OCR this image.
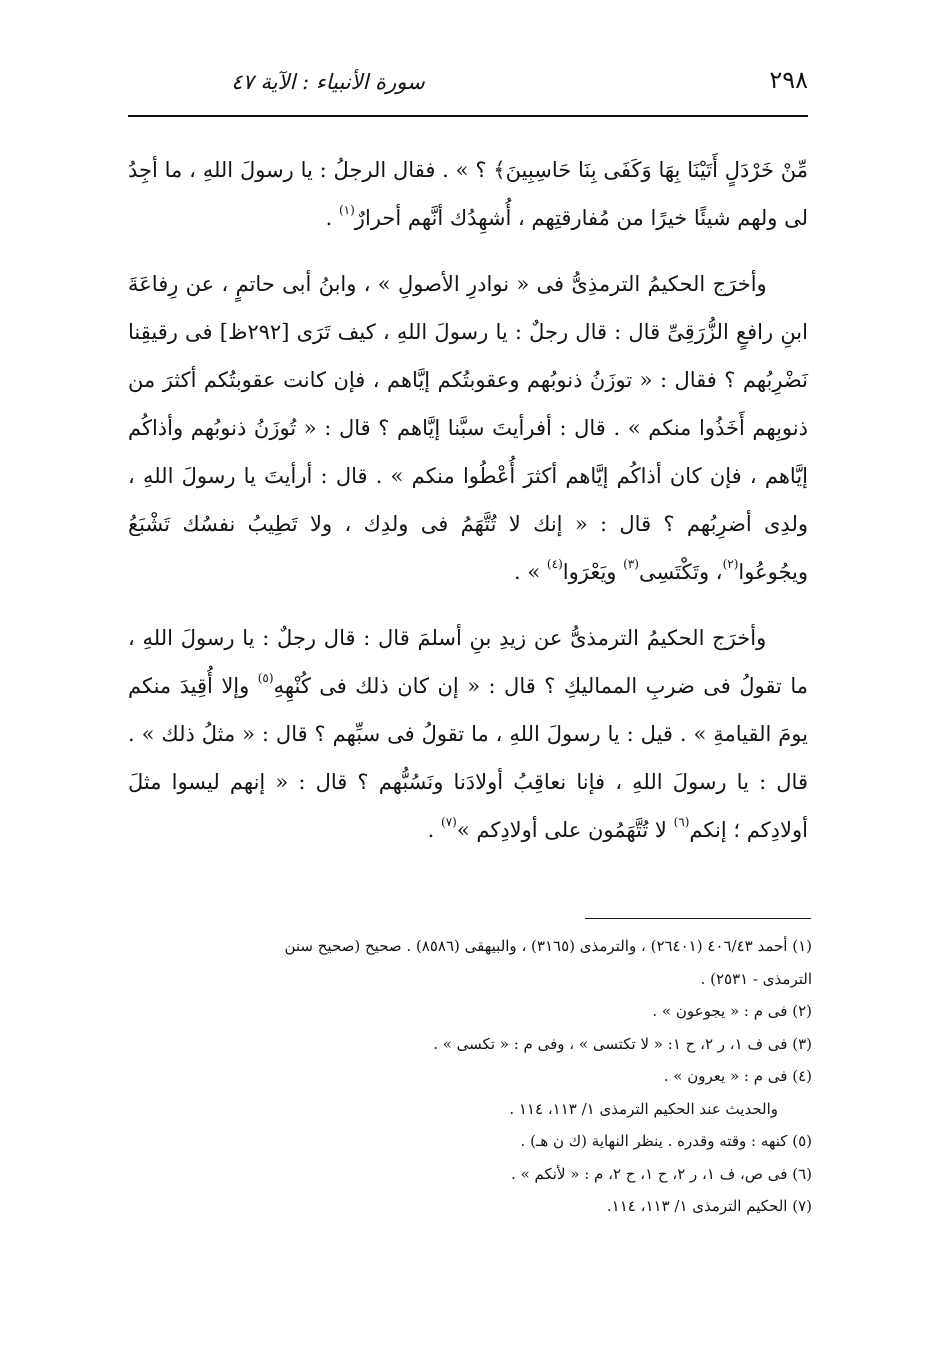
٢٩٨
سورة الأنبياء : الآية ٤٧

مِّنْ خَرْدَلٍ أَتَيْنَا بِهَا وَكَفَى بِنَا حَاسِبِينَ﴾ ؟ » . فقال الرجلُ : يا رسولَ اللهِ ، ما أجِدُ لى ولهم شيئًا خيرًا من مُفارقتِهم ، أُشهِدُك أنَّهم أحرارٌ$^{(١)}$ .

وأخرَج الحكيمُ الترمذِىُّ فى « نوادرِ الأصولِ » ، وابنُ أبى حاتمٍ ، عن رِفاعَةَ ابنِ رافعٍ الزُّرَقِىِّ قال : قال رجلٌ : يا رسولَ اللهِ ، كيف تَرَى [٢٩٢ظ] فى رقيقِنا نَضْرِبُهم ؟ فقال : « توزَنُ ذنوبُهم وعقوبتُكم إيَّاهم ، فإن كانت عقوبتُكم أكثرَ من ذنوبِهم أَخَذُوا منكم » . قال : أفرأيتَ سبَّنا إيَّاهم ؟ قال : « تُوزَنُ ذنوبُهم وأذاكُم إيَّاهم ، فإن كان أذاكُم إيَّاهم أكثرَ أُعْطُوا منكم » . قال : أرأيتَ يا رسولَ اللهِ ، ولدِى أضرِبُهم ؟ قال : « إنك لا تُتَّهَمُ فى ولدِك ، ولا تَطِيبُ نفسُك تَشْبَعُ ويجُوعُوا$^{(٢)}$، وتَكْتَسِى$^{(٣)}$ ويَعْرَوا$^{(٤)}$ » .

وأخرَج الحكيمُ الترمذىُّ عن زيدِ بنِ أسلمَ قال : قال رجلٌ : يا رسولَ اللهِ ، ما تقولُ فى ضربِ المماليكِ ؟ قال : « إن كان ذلك فى كُنْهِهِ$^{(٥)}$ وإلا أُقِيدَ منكم يومَ القيامةِ » . قيل : يا رسولَ اللهِ ، ما تقولُ فى سبِّهم ؟ قال : « مثلُ ذلك » . قال : يا رسولَ اللهِ ، فإنا نعاقِبُ أولادَنا ونَسُبُّهم ؟ قال : « إنهم ليسوا مثلَ أولادِكم ؛ إنكم$^{(٦)}$ لا تُتَّهَمُون على أولادِكم »$^{(٧)}$ .

(١) أحمد ٤٠٦/٤٣ (٢٦٤٠١) ، والترمذى (٣١٦٥) ، والبيهقى (٨٥٨٦) . صحيح (صحيح سنن
الترمذى - ٢٥٣١) .
(٢) فى م : « يجوعون » .
(٣) فى ف ١، ر ٢، ح ١: « لا تكتسى » ، وفى م : « تكسى » .
(٤) فى م : « يعرون » .
والحديث عند الحكيم الترمذى ١/ ١١٣، ١١٤ .
(٥) كنهه : وقته وقدره . ينظر النهاية (ك ن هـ) .
(٦) فى ص، ف ١، ر ٢، ح ١، ح ٢، م : « لأنكم » .
(٧) الحكيم الترمذى ١/ ١١٣، ١١٤.
